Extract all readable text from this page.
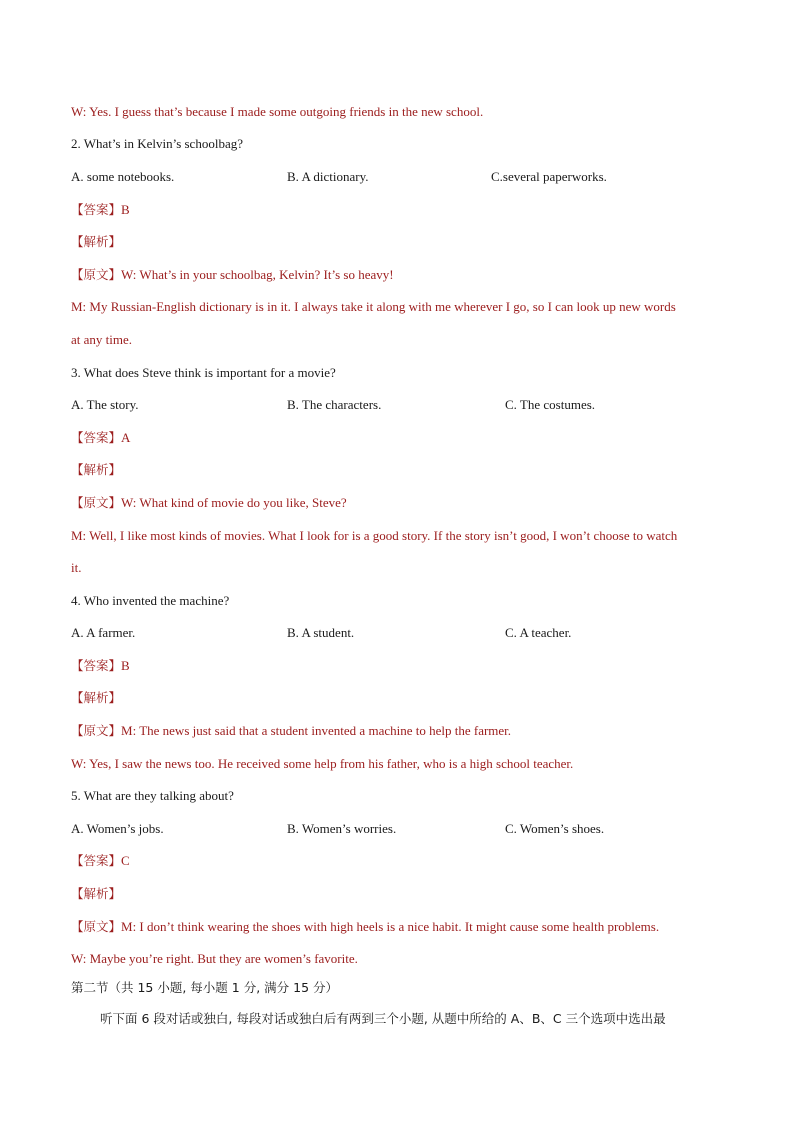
W: Yes. I guess that’s because I made some outgoing friends in the new school.
2. What’s in Kelvin’s schoolbag?
A. some notebooks.	B. A dictionary.	C.several paperworks.
【答案】B
【解析】
【原文】W: What’s in your schoolbag, Kelvin? It’s so heavy!
M: My Russian-English dictionary is in it. I always take it along with me wherever I go, so I can look up new words
at any time.
3. What does Steve think is important for a movie?
A. The story.	B. The characters.	C. The costumes.
【答案】A
【解析】
【原文】W: What kind of movie do you like, Steve?
M: Well, I like most kinds of movies. What I look for is a good story. If the story isn’t good, I won’t choose to watch
it.
4. Who invented the machine?
A. A farmer.	B. A student.	C. A teacher.
【答案】B
【解析】
【原文】M: The news just said that a student invented a machine to help the farmer.
W: Yes, I saw the news too. He received some help from his father, who is a high school teacher.
5. What are they talking about?
A. Women’s jobs.	B. Women’s worries.	C. Women’s shoes.
【答案】C
【解析】
【原文】M: I don’t think wearing the shoes with high heels is a nice habit. It might cause some health problems.
W: Maybe you’re right. But they are women’s favorite.
第二节（共 15 小题, 每小题 1 分, 满分 15 分）
听下面 6 段对话或独白, 每段对话或独白后有两到三个小题, 从题中所给的 A、B、C 三个选项中选出最
